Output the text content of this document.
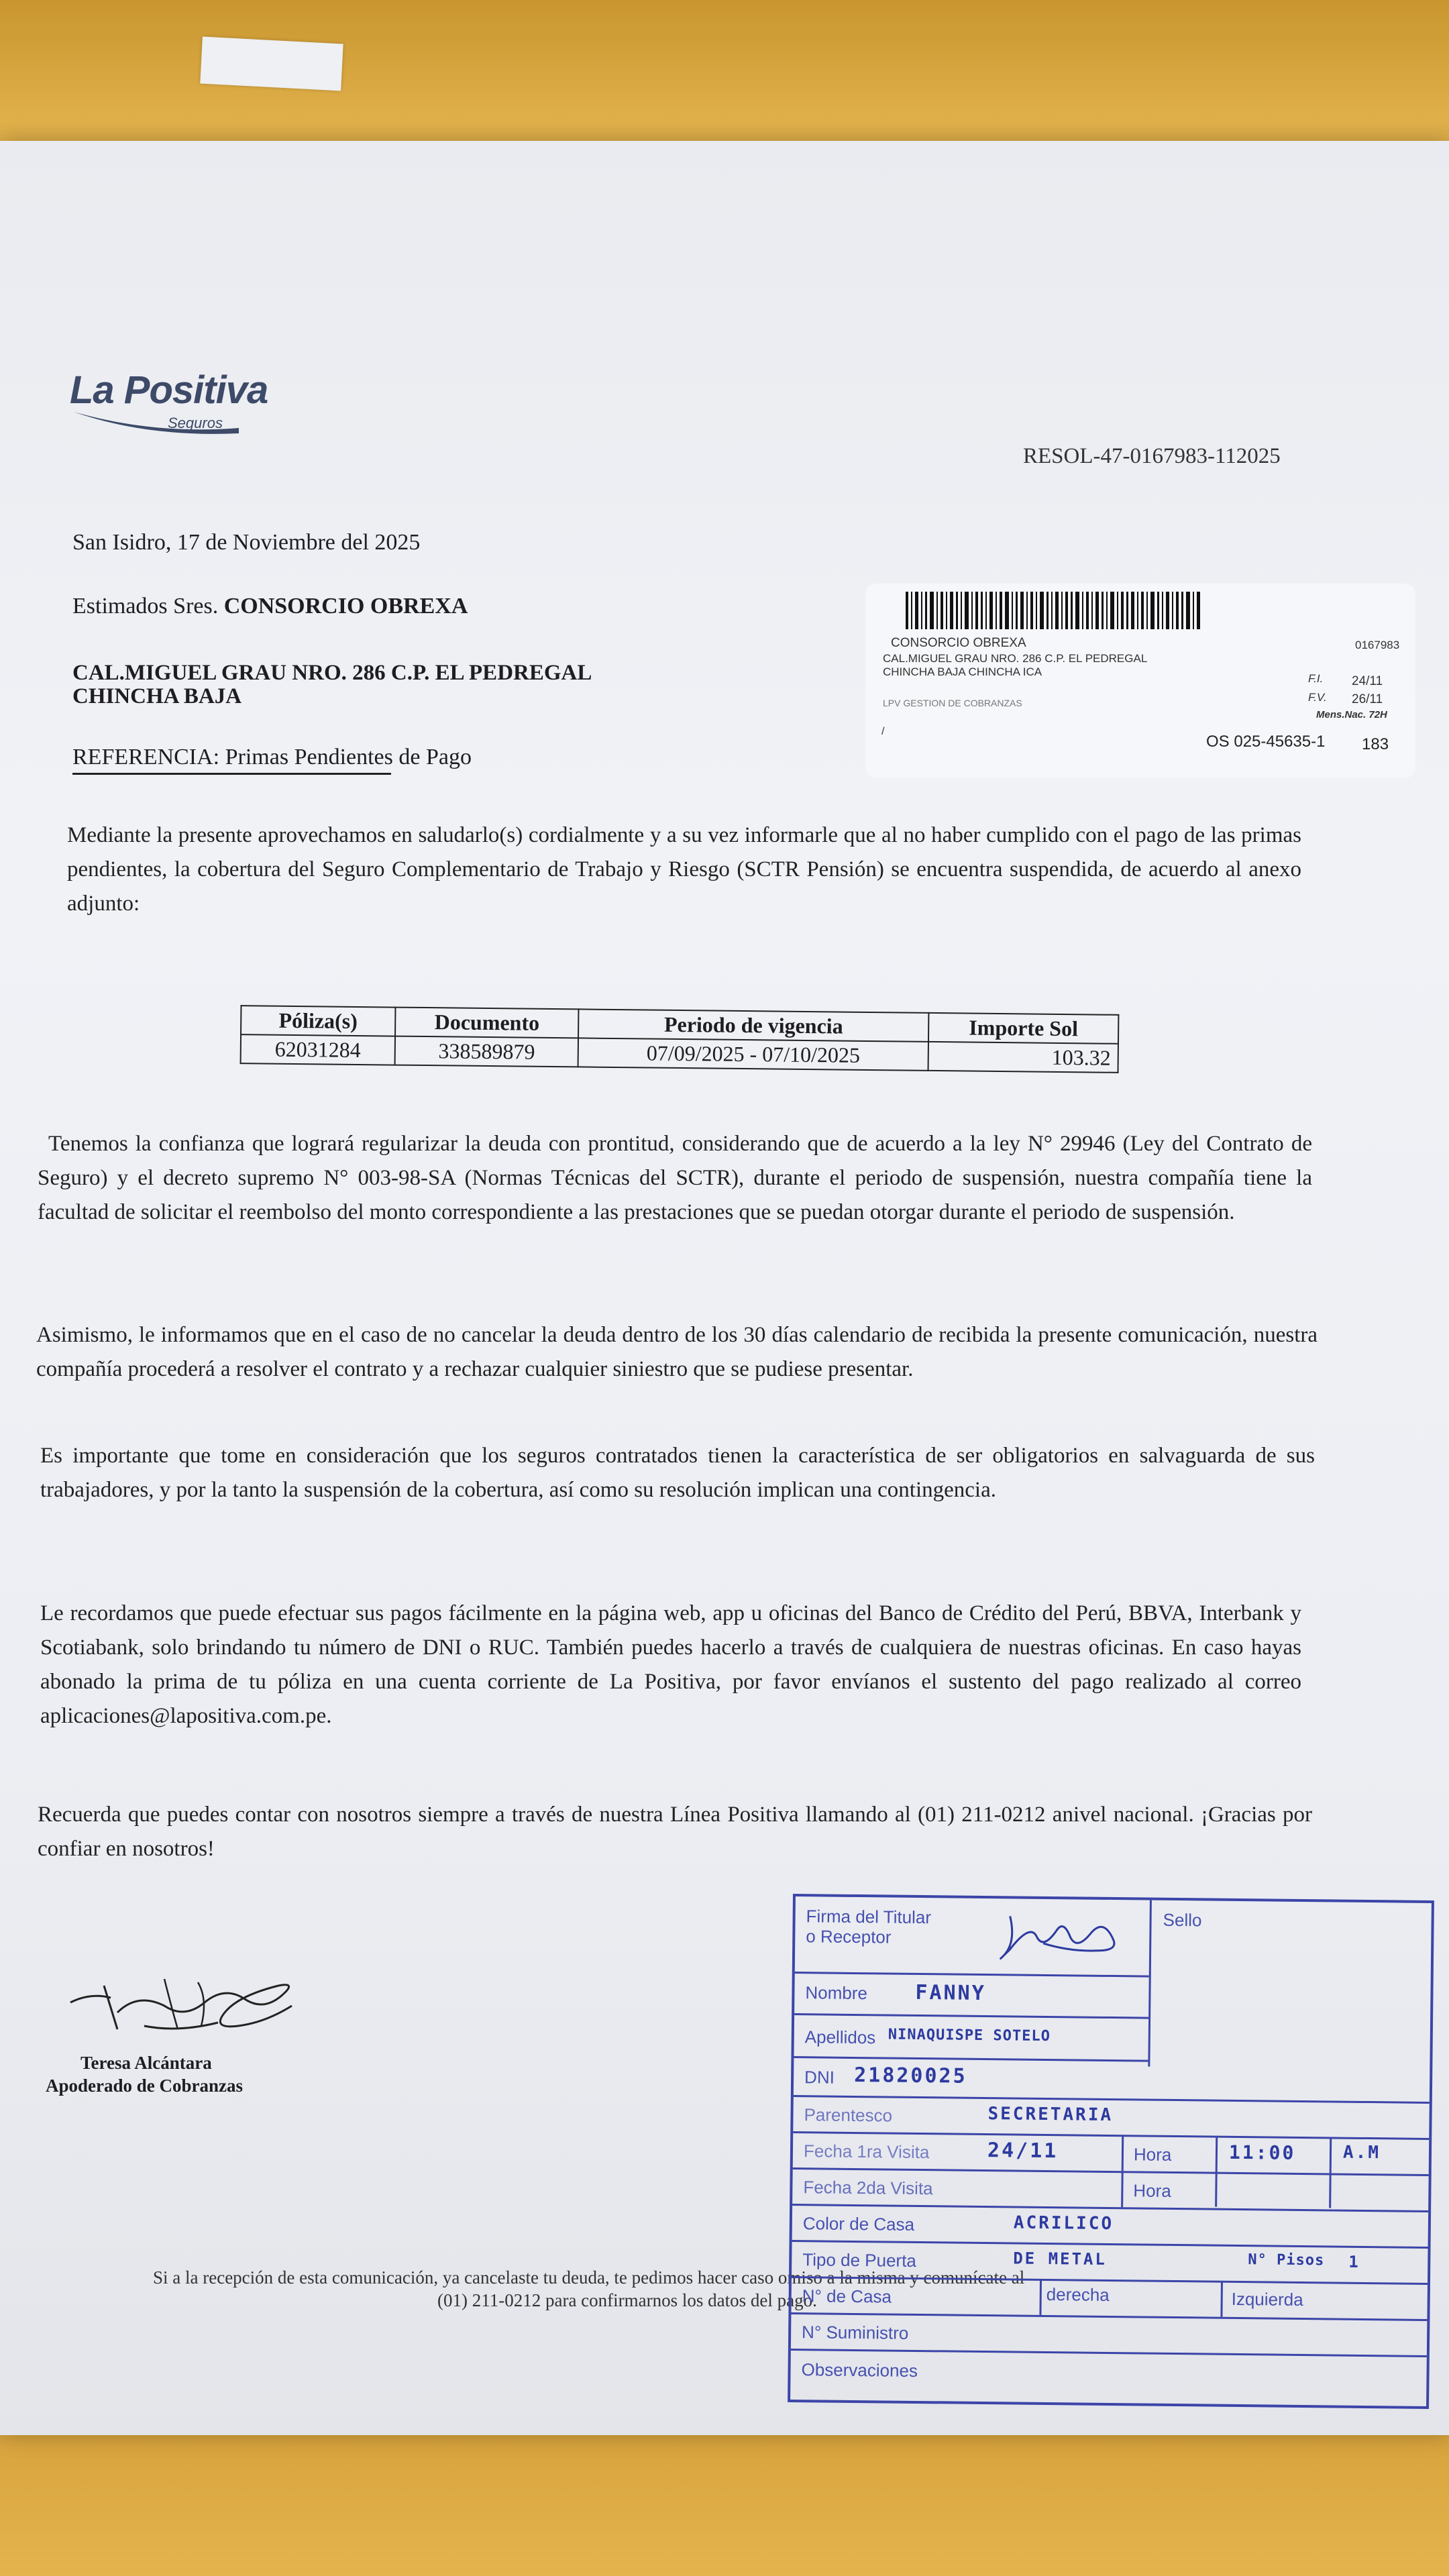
La Positiva
Seguros
RESOL-47-0167983-112025
San Isidro, 17 de Noviembre del 2025
Estimados Sres. CONSORCIO OBREXA
CAL.MIGUEL GRAU NRO. 286 C.P. EL PEDREGAL
CHINCHA BAJA
REFERENCIA: Primas Pendientes de Pago
CONSORCIO OBREXA	0167983
CAL.MIGUEL GRAU NRO. 286 C.P. EL PEDREGAL
CHINCHA BAJA CHINCHA ICA
LPV GESTION DE COBRANZAS
F.I. 24/11
F.V. 26/11
Mens.Nac. 72H
/
OS 025-45635-1 183
Mediante la presente aprovechamos en saludarlo(s) cordialmente y a su vez informarle que al no haber cumplido con el pago de las primas pendientes, la cobertura del Seguro Complementario de Trabajo y Riesgo (SCTR Pensión) se encuentra suspendida, de acuerdo al anexo adjunto:
Póliza(s)	Documento	Periodo de vigencia	Importe Sol
62031284	338589879	07/09/2025 - 07/10/2025	103.32
Tenemos la confianza que logrará regularizar la deuda con prontitud, considerando que de acuerdo a la ley N° 29946 (Ley del Contrato de Seguro) y el decreto supremo N° 003-98-SA (Normas Técnicas del SCTR), durante el periodo de suspensión, nuestra compañía tiene la facultad de solicitar el reembolso del monto correspondiente a las prestaciones que se puedan otorgar durante el periodo de suspensión.
Asimismo, le informamos que en el caso de no cancelar la deuda dentro de los 30 días calendario de recibida la presente comunicación, nuestra compañía procederá a resolver el contrato y a rechazar cualquier siniestro que se pudiese presentar.
Es importante que tome en consideración que los seguros contratados tienen la característica de ser obligatorios en salvaguarda de sus trabajadores, y por la tanto la suspensión de la cobertura, así como su resolución implican una contingencia.
Le recordamos que puede efectuar sus pagos fácilmente en la página web, app u oficinas del Banco de Crédito del Perú, BBVA, Interbank y Scotiabank, solo brindando tu número de DNI o RUC. También puedes hacerlo a través de cualquiera de nuestras oficinas. En caso hayas abonado la prima de tu póliza en una cuenta corriente de La Positiva, por favor envíanos el sustento del pago realizado al correo aplicaciones@lapositiva.com.pe.
Recuerda que puedes contar con nosotros siempre a través de nuestra Línea Positiva llamando al (01) 211-0212 anivel nacional. ¡Gracias por confiar en nosotros!
Teresa Alcántara
Apoderado de Cobranzas
Si a la recepción de esta comunicación, ya cancelaste tu deuda, te pedimos hacer caso omiso a la misma y comunícate al
(01) 211-0212 para confirmarnos los datos del pago.
Firma del Titular o Receptor
Sello
Nombre FANNY
Apellidos NINAQUISPE SOTELO
DNI 21820025
Parentesco	SECRETARIA
Fecha 1ra Visita	24/11	Hora	11:00	A.M
Fecha 2da Visita	Hora
Color de Casa	ACRILICO
Tipo de Puerta	DE METAL	N° Pisos 1
N° de Casa	derecha	Izquierda
N° Suministro
Observaciones
